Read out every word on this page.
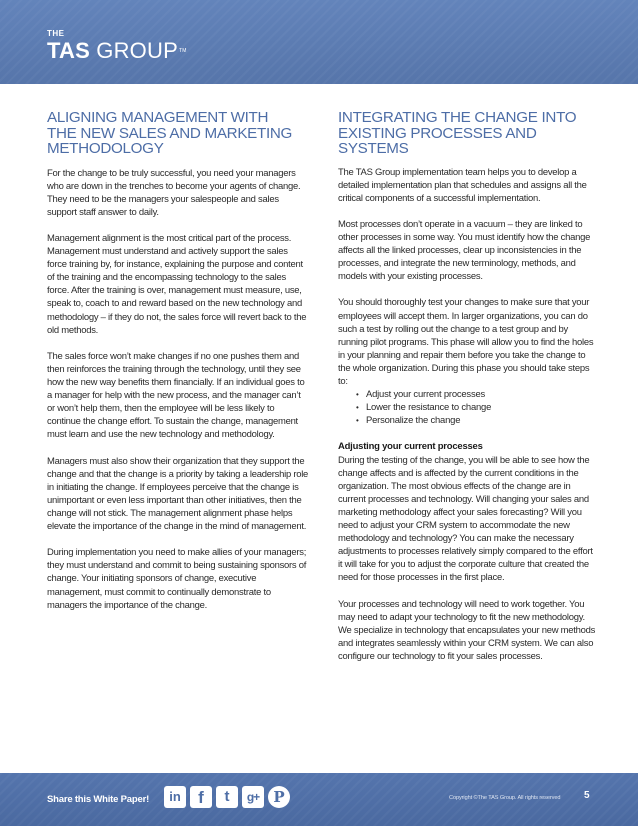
THE
TAS GROUP™
ALIGNING MANAGEMENT WITH
THE NEW SALES AND MARKETING
METHODOLOGY

For the change to be truly successful, you need your managers who are down in the trenches to become your agents of change. They need to be the managers your salespeople and sales support staff answer to daily.

Management alignment is the most critical part of the process. Management must understand and actively support the sales force training by, for instance, explaining the purpose and content of the training and the encompassing technology to the sales force. After the training is over, management must measure, use, speak to, coach to and reward based on the new technology and methodology – if they do not, the sales force will revert back to the old methods.

The sales force won’t make changes if no one pushes them and then reinforces the training through the technology, until they see how the new way benefits them financially. If an individual goes to a manager for help with the new process, and the manager can’t or won’t help them, then the employee will be less likely to continue the change effort. To sustain the change, management must learn and use the new technology and methodology.

Managers must also show their organization that they support the change and that the change is a priority by taking a leadership role in initiating the change. If employees perceive that the change is unimportant or even less important than other initiatives, then the change will not stick. The management alignment phase helps elevate the importance of the change in the mind of management.

During implementation you need to make allies of your managers; they must understand and commit to being sustaining sponsors of change. Your initiating sponsors of change, executive management, must commit to continually demonstrate to managers the importance of the change.

INTEGRATING THE CHANGE INTO
EXISTING PROCESSES AND SYSTEMS

The TAS Group implementation team helps you to develop a detailed implementation plan that schedules and assigns all the critical components of a successful implementation.

Most processes don’t operate in a vacuum – they are linked to other processes in some way. You must identify how the change affects all the linked processes, clear up inconsistencies in the processes, and integrate the new terminology, methods, and models with your existing processes.

You should thoroughly test your changes to make sure that your employees will accept them. In larger organizations, you can do such a test by rolling out the change to a test group and by running pilot programs. This phase will allow you to find the holes in your planning and repair them before you take the change to the whole organization. During this phase you should take steps to:

• Adjust your current processes
• Lower the resistance to change
• Personalize the change
Adjusting your current processes

During the testing of the change, you will be able to see how the change affects and is affected by the current conditions in the organization. The most obvious effects of the change are in current processes and technology. Will changing your sales and marketing methodology affect your sales forecasting? Will you need to adjust your CRM system to accommodate the new methodology and technology? You can make the necessary adjustments to processes relatively simply compared to the effort it will take for you to adjust the corporate culture that created the need for those processes in the first place.

Your processes and technology will need to work together. You may need to adapt your technology to fit the new methodology. We specialize in technology that encapsulates your new methods and integrates seamlessly within your CRM system. We can also configure our technology to fit your sales processes.

Share this White Paper!	in	f	t	g+ P	Copyright ©The TAS Group. All rights reserved 5
